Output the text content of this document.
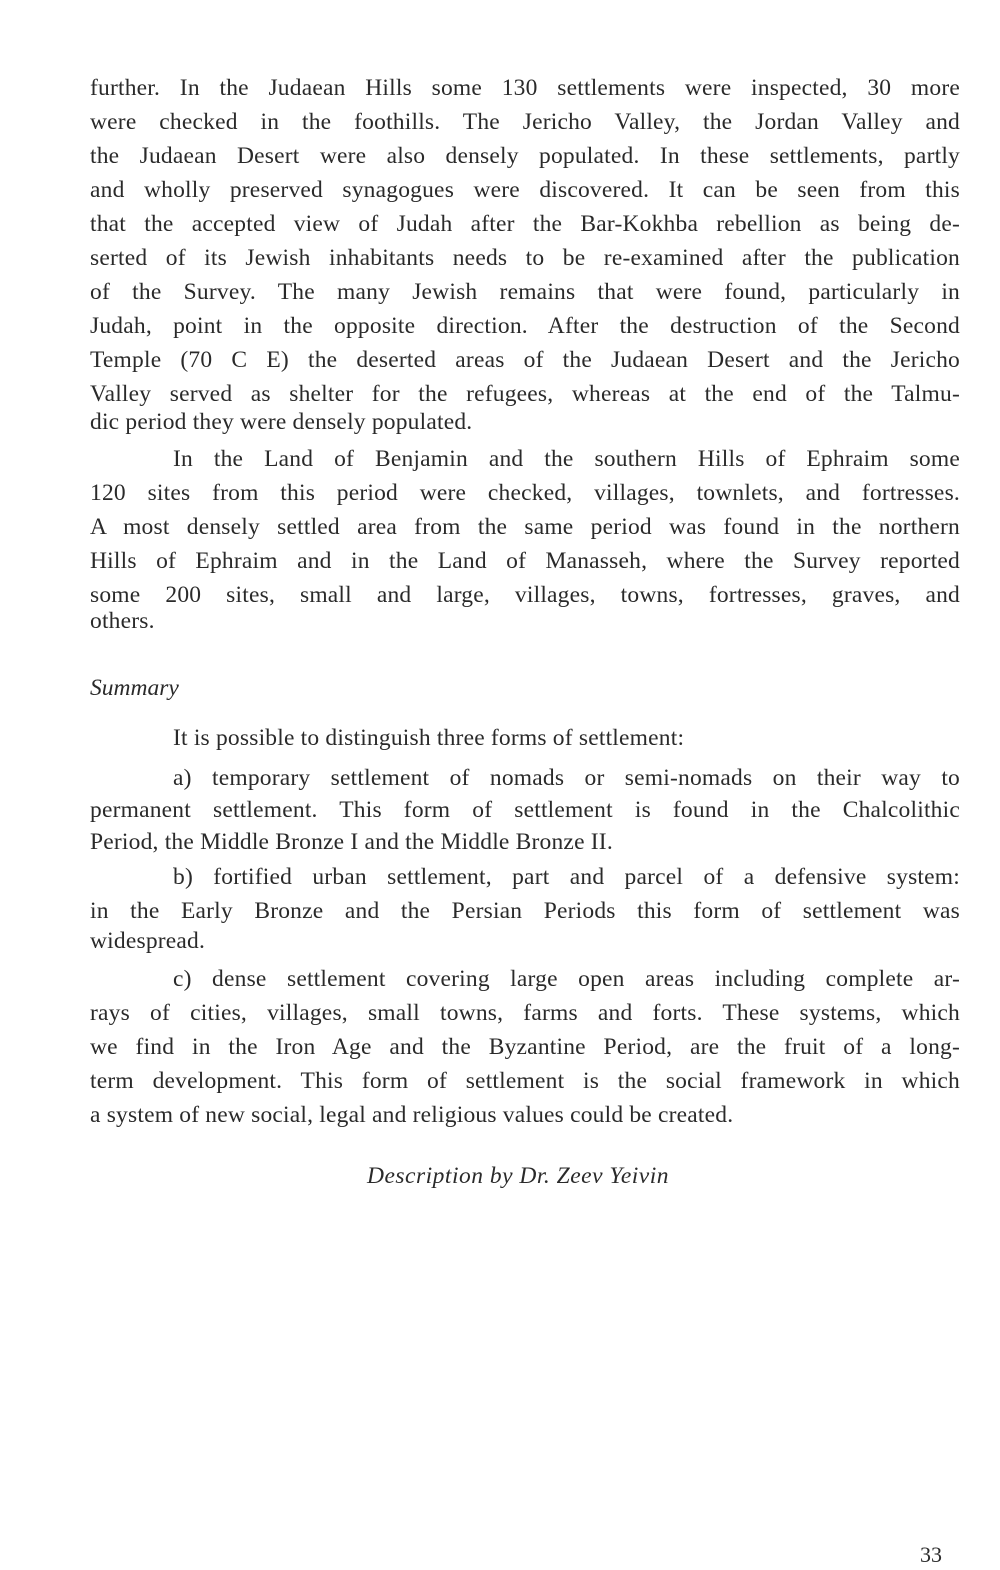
further. In the Judaean Hills some 130 settlements were inspected, 30 more
were checked in the foothills. The Jericho Valley, the Jordan Valley and
the Judaean Desert were also densely populated. In these settlements, partly
and wholly preserved synagogues were discovered. It can be seen from this
that the accepted view of Judah after the Bar-Kokhba rebellion as being de-
serted of its Jewish inhabitants needs to be re-examined after the publication
of the Survey. The many Jewish remains that were found, particularly in
Judah, point in the opposite direction. After the destruction of the Second
Temple (70 C E) the deserted areas of the Judaean Desert and the Jericho
Valley served as shelter for the refugees, whereas at the end of the Talmu-
dic period they were densely populated.
In the Land of Benjamin and the southern Hills of Ephraim some
120 sites from this period were checked, villages, townlets, and fortresses.
A most densely settled area from the same period was found in the northern
Hills of Ephraim and in the Land of Manasseh, where the Survey reported
some 200 sites, small and large, villages, towns, fortresses, graves, and
others.
Summary
It is possible to distinguish three forms of settlement:
a) temporary settlement of nomads or semi-nomads on their way to
permanent settlement. This form of settlement is found in the Chalcolithic
Period, the Middle Bronze I and the Middle Bronze II.
b) fortified urban settlement, part and parcel of a defensive system:
in the Early Bronze and the Persian Periods this form of settlement was
widespread.
c) dense settlement covering large open areas including complete ar-
rays of cities, villages, small towns, farms and forts. These systems, which
we find in the Iron Age and the Byzantine Period, are the fruit of a long-
term development. This form of settlement is the social framework in which
a system of new social, legal and religious values could be created.
Description by Dr. Zeev Yeivin
33
